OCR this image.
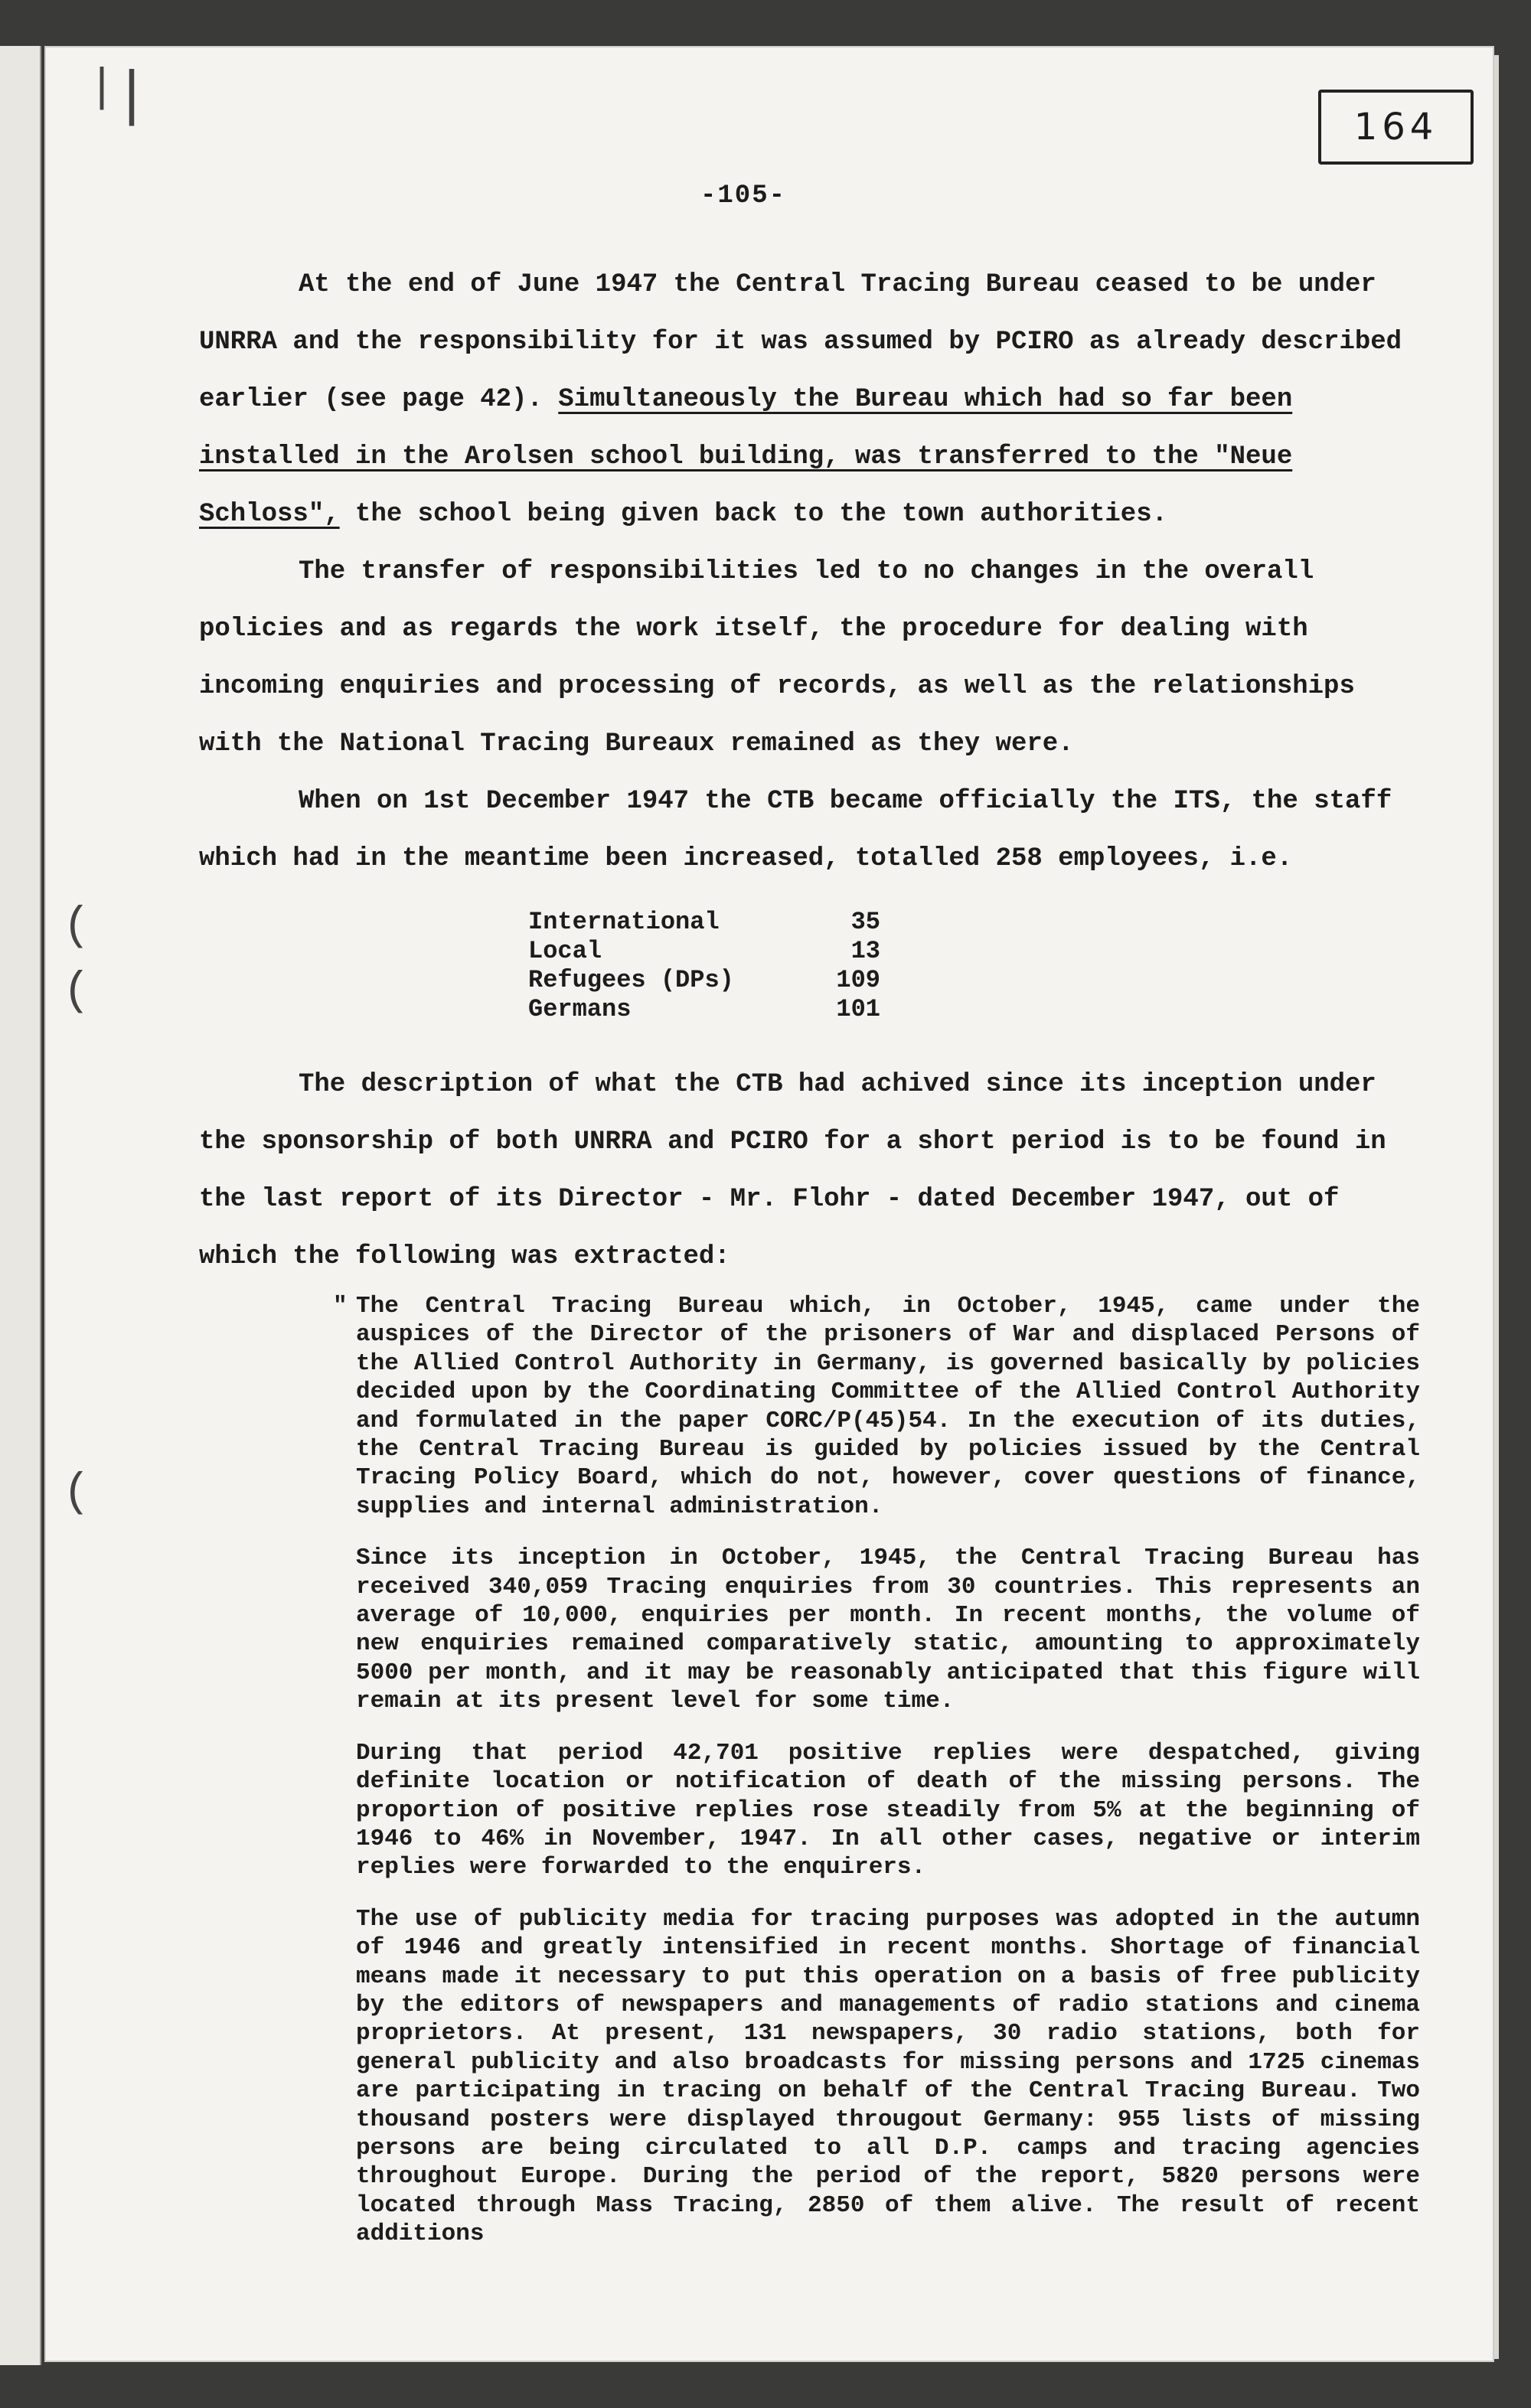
164
-105-
|
|
(
(
(

At the end of June 1947 the Central Tracing Bureau ceased to be under UNRRA and the responsibility for it was assumed by PCIRO as already described earlier (see page 42). Simultaneously the Bureau which had so far been installed in the Arolsen school building, was transferred to the "Neue Schloss", the school being given back to the town authorities.

The transfer of responsibilities led to no changes in the overall policies and as regards the work itself, the procedure for dealing with incoming enquiries and processing of records, as well as the relationships with the National Tracing Bureaux remained as they were.

When on 1st December 1947 the CTB became officially the ITS, the staff which had in the meantime been increased, totalled 258 employees, i.e.

International	35
Local	13
Refugees (DPs)	109
Germans	101

The description of what the CTB had achived since its inception under the sponsorship of both UNRRA and PCIRO for a short period is to be found in the last report of its Director - Mr. Flohr - dated December 1947, out of which the following was extracted:

" The Central Tracing Bureau which, in October, 1945, came under the auspices of the Director of the prisoners of War and displaced Persons of the Allied Control Authority in Germany, is governed basically by policies decided upon by the Coordinating Committee of the Allied Control Authority and formulated in the paper CORC/P(45)54. In the execution of its duties, the Central Tracing Bureau is guided by policies issued by the Central Tracing Policy Board, which do not, however, cover questions of finance, supplies and internal administration.

Since its inception in October, 1945, the Central Tracing Bureau has received 340,059 Tracing enquiries from 30 countries. This represents an average of 10,000, enquiries per month. In recent months, the volume of new enquiries remained comparatively static, amounting to approximately 5000 per month, and it may be reasonably anticipated that this figure will remain at its present level for some time.

During that period 42,701 positive replies were despatched, giving definite location or notification of death of the missing persons. The proportion of positive replies rose steadily from 5% at the beginning of 1946 to 46% in November, 1947. In all other cases, negative or interim replies were forwarded to the enquirers.

The use of publicity media for tracing purposes was adopted in the autumn of 1946 and greatly intensified in recent months. Shortage of financial means made it necessary to put this operation on a basis of free publicity by the editors of newspapers and managements of radio stations and cinema proprietors. At present, 131 newspapers, 30 radio stations, both for general publicity and also broadcasts for missing persons and 1725 cinemas are participating in tracing on behalf of the Central Tracing Bureau. Two thousand posters were displayed througout Germany: 955 lists of missing persons are being circulated to all D.P. camps and tracing agencies throughout Europe. During the period of the report, 5820 persons were located through Mass Tracing, 2850 of them alive. The result of recent additions
